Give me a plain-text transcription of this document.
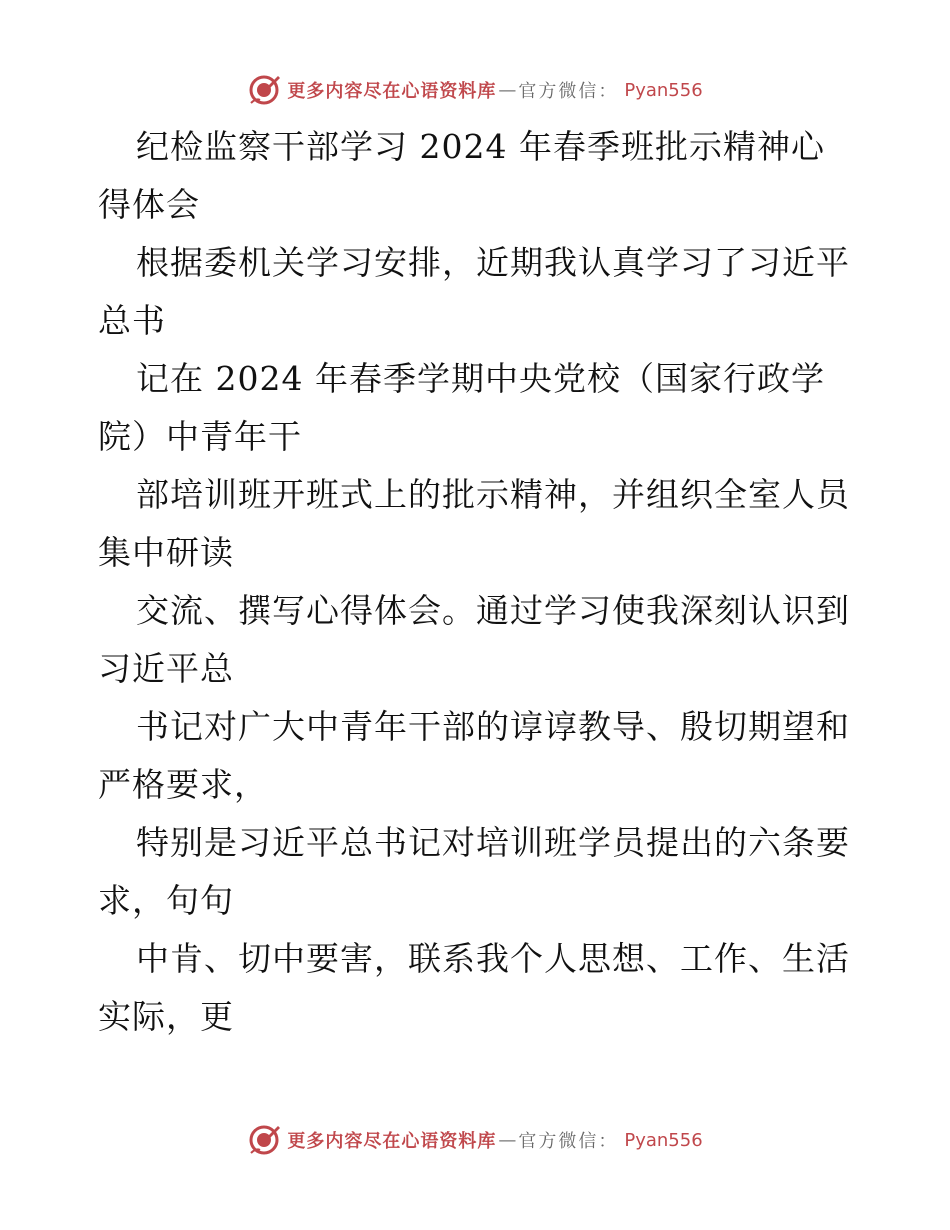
更多内容尽在心语资料库 — 官方微信： Pyan556

纪检监察干部学习 2024 年春季班批示精神心得体会

根据委机关学习安排，近期我认真学习了习近平总书

记在 2024 年春季学期中央党校（国家行政学院）中青年干

部培训班开班式上的批示精神，并组织全室人员集中研读

交流、撰写心得体会。通过学习使我深刻认识到习近平总

书记对广大中青年干部的谆谆教导、殷切期望和严格要求，

特别是习近平总书记对培训班学员提出的六条要求，句句

中肯、切中要害，联系我个人思想、工作、生活实际，更

更多内容尽在心语资料库 — 官方微信： Pyan556
